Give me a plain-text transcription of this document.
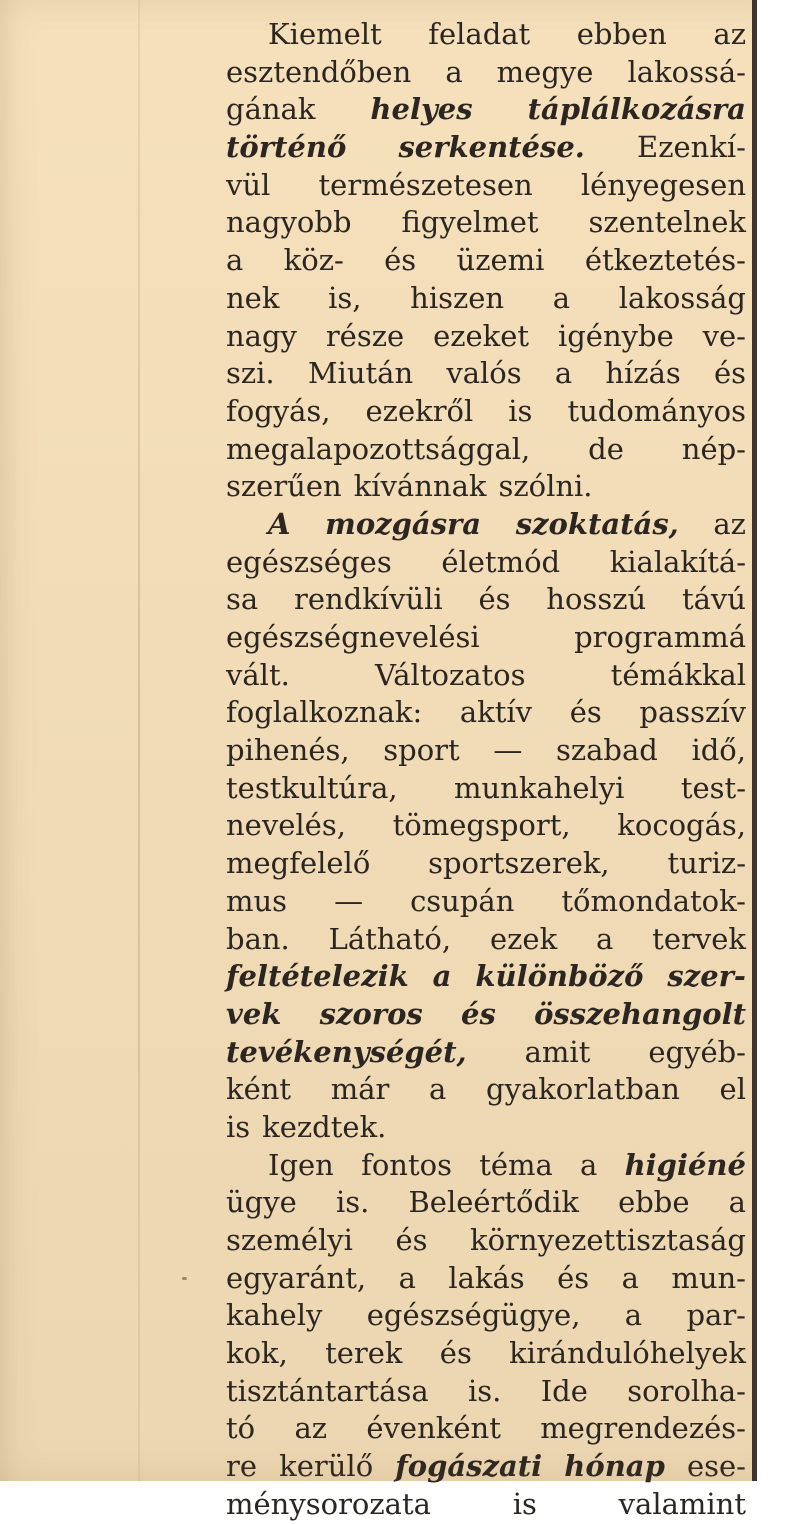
Kiemelt feladat ebben az
esztendőben a megye lakossá-
gának helyes táplálkozásra
történő serkentése. Ezenkí-
vül természetesen lényegesen
nagyobb figyelmet szentelnek
a köz- és üzemi étkeztetés-
nek is, hiszen a lakosság
nagy része ezeket igénybe ve-
szi. Miután valós a hízás és
fogyás, ezekről is tudományos
megalapozottsággal, de nép-
szerűen kívánnak szólni.
A mozgásra szoktatás, az
egészséges életmód kialakítá-
sa rendkívüli és hosszú távú
egészségnevelési	programmá
vált.	Változatos	témákkal
foglalkoznak: aktív és passzív
pihenés, sport — szabad idő,
testkultúra, munkahelyi test-
nevelés, tömegsport, kocogás,
megfelelő sportszerek, turiz-
mus — csupán tőmondatok-
ban. Látható, ezek a tervek
feltételezik a különböző szer-
vek szoros és összehangolt
tevékenységét, amit egyéb-
ként már a gyakorlatban el
is kezdtek.
Igen fontos téma a higiéné
ügye is. Beleértődik ebbe a
személyi és környezettisztaság
egyaránt, a lakás és a mun-
kahely egészségügye, a par-
kok, terek és kirándulóhelyek
tisztántartása is. Ide sorolha-
tó az évenként megrendezés-
re kerülő fogászati hónap ese-
ménysorozata	is	valamint
